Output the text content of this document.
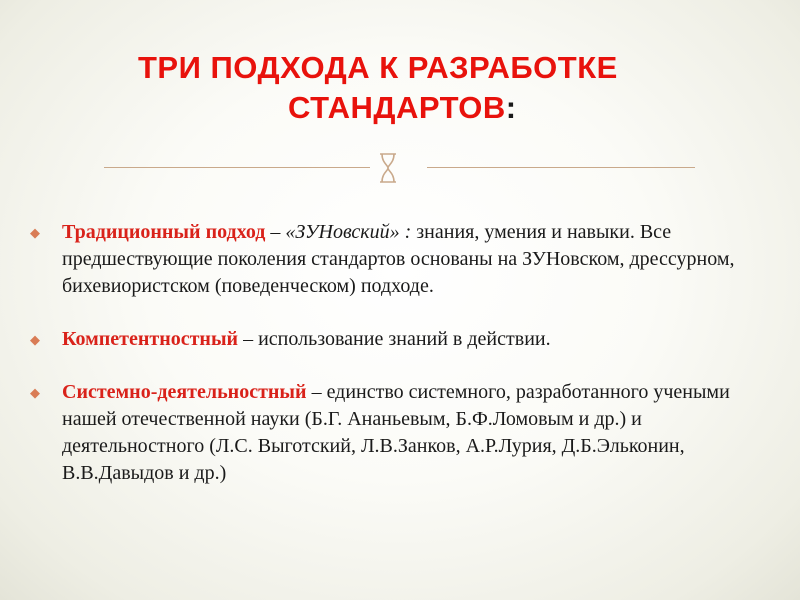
ТРИ ПОДХОДА К РАЗРАБОТКЕ
СТАНДАРТОВ:
◆ Традиционный подход – «ЗУНовский» : знания, умения и навыки. Все предшествующие поколения стандартов основаны на ЗУНовском, дрессурном, бихевиористском (поведенческом) подходе.
◆ Компетентностный – использование знаний в действии.
◆ Системно-деятельностный – единство системного, разработанного учеными нашей отечественной науки (Б.Г. Ананьевым, Б.Ф.Ломовым и др.) и деятельностного (Л.С. Выготский, Л.В.Занков, А.Р.Лурия, Д.Б.Эльконин, В.В.Давыдов и др.)
